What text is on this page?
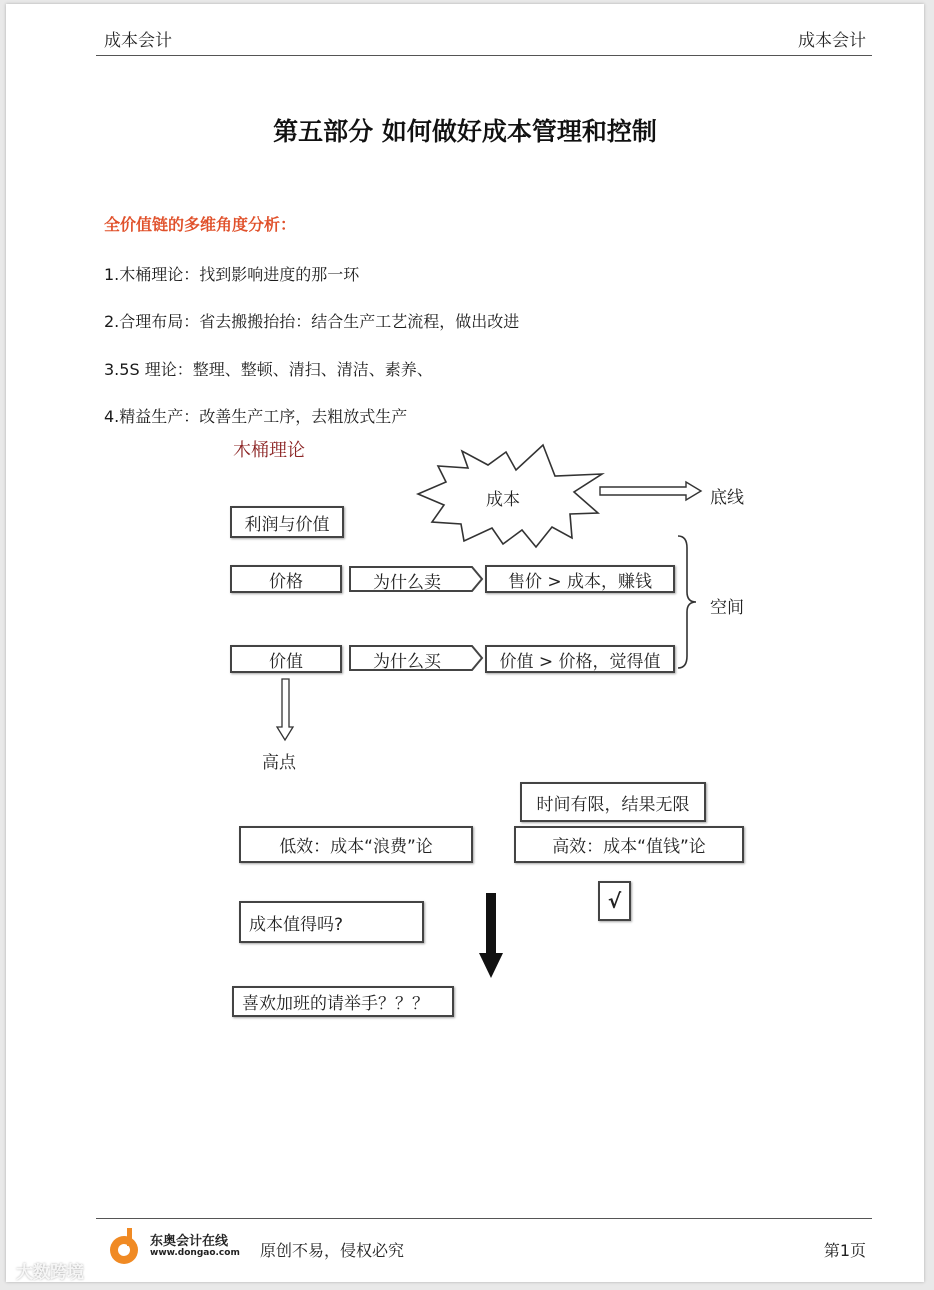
成本会计	成本会计
第五部分 如何做好成本管理和控制
全价值链的多维角度分析：
1.木桶理论：找到影响进度的那一环
2.合理布局：省去搬搬抬抬：结合生产工艺流程，做出改进
3.5S 理论：整理、整顿、清扫、清洁、素养、
4.精益生产：改善生产工序，去粗放式生产
木桶理论
成本	底线
利润与价值
价格	为什么卖	售价 > 成本，赚钱
空间
价值	为什么买	价值 > 价格，觉得值
高点
时间有限，结果无限
低效：成本“浪费”论	高效：成本“值钱”论
√
成本值得吗?
喜欢加班的请举手？？？
东奥会计在线
www.dongao.com 原创不易，侵权必究	第1页
大数跨境
